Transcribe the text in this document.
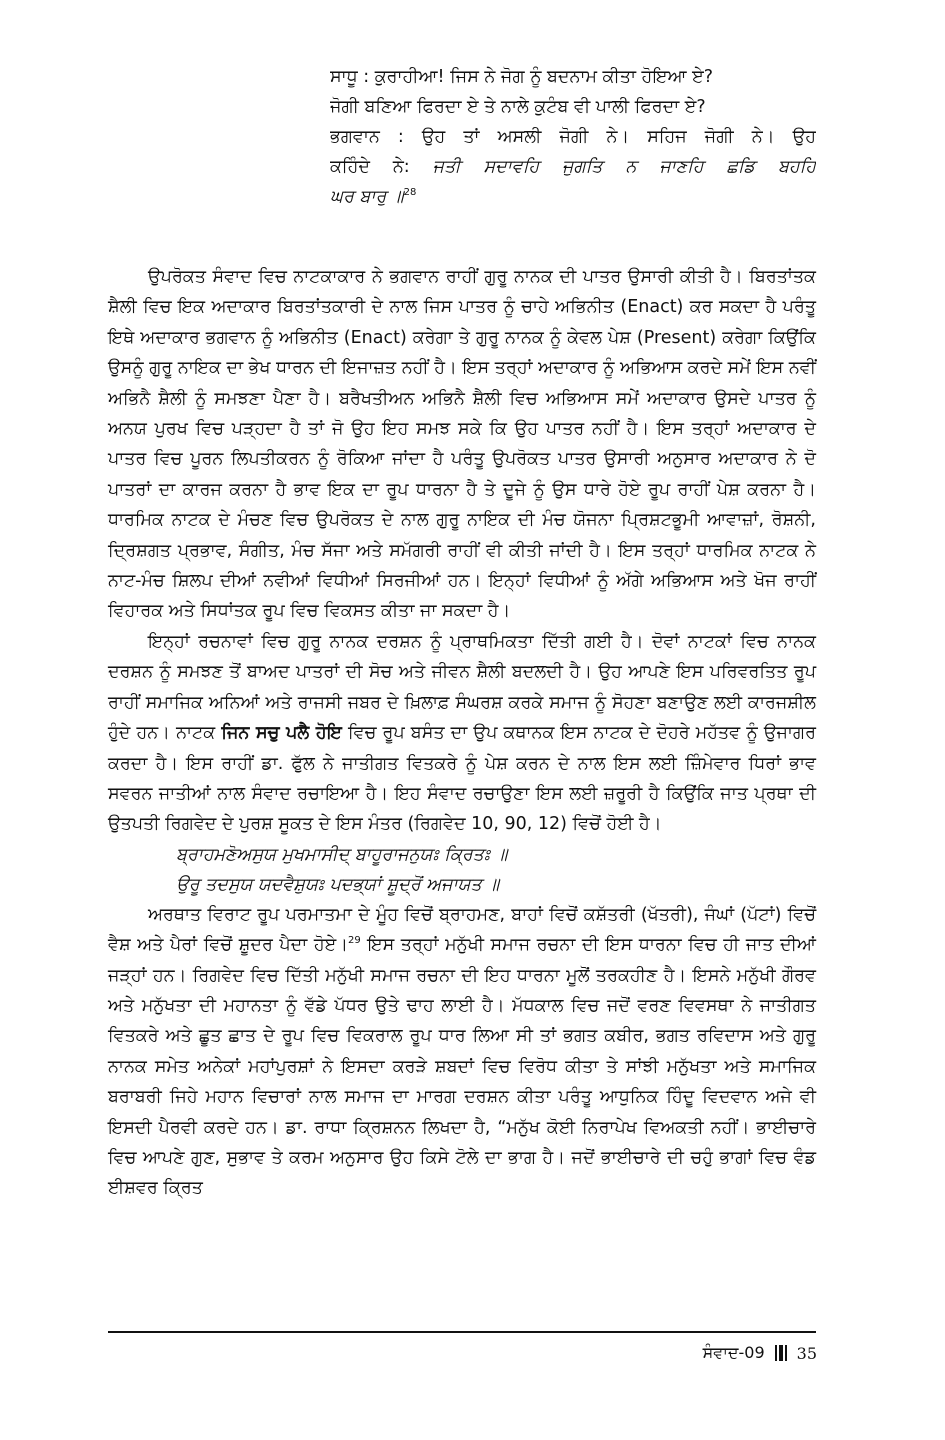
ਸਾਧੂ : ਕੁਰਾਹੀਆ! ਜਿਸ ਨੇ ਜੋਗ ਨੂੰ ਬਦਨਾਮ ਕੀਤਾ ਹੋਇਆ ਏ?
ਜੋਗੀ ਬਣਿਆ ਫਿਰਦਾ ਏ ਤੇ ਨਾਲੇ ਕੁਟੰਬ ਵੀ ਪਾਲੀ ਫਿਰਦਾ ਏ?
ਭਗਵਾਨ : ਉਹ ਤਾਂ ਅਸਲੀ ਜੋਗੀ ਨੇ। ਸਹਿਜ ਜੋਗੀ ਨੇ। ਉਹ
ਕਹਿੰਦੇ ਨੇ: ਜਤੀ ਸਦਾਵਹਿ ਜੁਗਤਿ ਨ ਜਾਣਹਿ ਛਡਿ ਬਹਹਿ
ਘਰ ਬਾਰੁ ॥$^{28}$

ਉਪਰੋਕਤ ਸੰਵਾਦ ਵਿਚ ਨਾਟਕਾਕਾਰ ਨੇ ਭਗਵਾਨ ਰਾਹੀਂ ਗੁਰੂ ਨਾਨਕ ਦੀ ਪਾਤਰ ਉਸਾਰੀ ਕੀਤੀ ਹੈ। ਬਿਰਤਾਂਤਕ ਸ਼ੈਲੀ ਵਿਚ ਇਕ ਅਦਾਕਾਰ ਬਿਰਤਾਂਤਕਾਰੀ ਦੇ ਨਾਲ ਜਿਸ ਪਾਤਰ ਨੂੰ ਚਾਹੇ ਅਭਿਨੀਤ (Enact) ਕਰ ਸਕਦਾ ਹੈ ਪਰੰਤੂ ਇਥੇ ਅਦਾਕਾਰ ਭਗਵਾਨ ਨੂੰ ਅਭਿਨੀਤ (Enact) ਕਰੇਗਾ ਤੇ ਗੁਰੂ ਨਾਨਕ ਨੂੰ ਕੇਵਲ ਪੇਸ਼ (Present) ਕਰੇਗਾ ਕਿਉਂਕਿ ਉਸਨੂੰ ਗੁਰੂ ਨਾਇਕ ਦਾ ਭੇਖ ਧਾਰਨ ਦੀ ਇਜਾਜ਼ਤ ਨਹੀਂ ਹੈ। ਇਸ ਤਰ੍ਹਾਂ ਅਦਾਕਾਰ ਨੂੰ ਅਭਿਆਸ ਕਰਦੇ ਸਮੇਂ ਇਸ ਨਵੀਂ ਅਭਿਨੈ ਸ਼ੈਲੀ ਨੂੰ ਸਮਝਣਾ ਪੈਣਾ ਹੈ। ਬਰੈਖਤੀਅਨ ਅਭਿਨੈ ਸ਼ੈਲੀ ਵਿਚ ਅਭਿਆਸ ਸਮੇਂ ਅਦਾਕਾਰ ਉਸਦੇ ਪਾਤਰ ਨੂੰ ਅਨਯ ਪੁਰਖ ਵਿਚ ਪੜ੍ਹਦਾ ਹੈ ਤਾਂ ਜੋ ਉਹ ਇਹ ਸਮਝ ਸਕੇ ਕਿ ਉਹ ਪਾਤਰ ਨਹੀਂ ਹੈ। ਇਸ ਤਰ੍ਹਾਂ ਅਦਾਕਾਰ ਦੇ ਪਾਤਰ ਵਿਚ ਪੂਰਨ ਲਿਪਤੀਕਰਨ ਨੂੰ ਰੋਕਿਆ ਜਾਂਦਾ ਹੈ ਪਰੰਤੂ ਉਪਰੋਕਤ ਪਾਤਰ ਉਸਾਰੀ ਅਨੁਸਾਰ ਅਦਾਕਾਰ ਨੇ ਦੋ ਪਾਤਰਾਂ ਦਾ ਕਾਰਜ ਕਰਨਾ ਹੈ ਭਾਵ ਇਕ ਦਾ ਰੂਪ ਧਾਰਨਾ ਹੈ ਤੇ ਦੂਜੇ ਨੂੰ ਉਸ ਧਾਰੇ ਹੋਏ ਰੂਪ ਰਾਹੀਂ ਪੇਸ਼ ਕਰਨਾ ਹੈ। ਧਾਰਮਿਕ ਨਾਟਕ ਦੇ ਮੰਚਣ ਵਿਚ ਉਪਰੋਕਤ ਦੇ ਨਾਲ ਗੁਰੂ ਨਾਇਕ ਦੀ ਮੰਚ ਯੋਜਨਾ ਪ੍ਰਿਸ਼ਟਭੂਮੀ ਆਵਾਜ਼ਾਂ, ਰੋਸ਼ਨੀ, ਦ੍ਰਿਸ਼ਗਤ ਪ੍ਰਭਾਵ, ਸੰਗੀਤ, ਮੰਚ ਸੱਜਾ ਅਤੇ ਸਮੱਗਰੀ ਰਾਹੀਂ ਵੀ ਕੀਤੀ ਜਾਂਦੀ ਹੈ। ਇਸ ਤਰ੍ਹਾਂ ਧਾਰਮਿਕ ਨਾਟਕ ਨੇ ਨਾਟ-ਮੰਚ ਸ਼ਿਲਪ ਦੀਆਂ ਨਵੀਆਂ ਵਿਧੀਆਂ ਸਿਰਜੀਆਂ ਹਨ। ਇਨ੍ਹਾਂ ਵਿਧੀਆਂ ਨੂੰ ਅੱਗੇ ਅਭਿਆਸ ਅਤੇ ਖੋਜ ਰਾਹੀਂ ਵਿਹਾਰਕ ਅਤੇ ਸਿਧਾਂਤਕ ਰੂਪ ਵਿਚ ਵਿਕਸਤ ਕੀਤਾ ਜਾ ਸਕਦਾ ਹੈ।

ਇਨ੍ਹਾਂ ਰਚਨਾਵਾਂ ਵਿਚ ਗੁਰੂ ਨਾਨਕ ਦਰਸ਼ਨ ਨੂੰ ਪ੍ਰਾਥਮਿਕਤਾ ਦਿੱਤੀ ਗਈ ਹੈ। ਦੋਵਾਂ ਨਾਟਕਾਂ ਵਿਚ ਨਾਨਕ ਦਰਸ਼ਨ ਨੂੰ ਸਮਝਣ ਤੋਂ ਬਾਅਦ ਪਾਤਰਾਂ ਦੀ ਸੋਚ ਅਤੇ ਜੀਵਨ ਸ਼ੈਲੀ ਬਦਲਦੀ ਹੈ। ਉਹ ਆਪਣੇ ਇਸ ਪਰਿਵਰਤਿਤ ਰੂਪ ਰਾਹੀਂ ਸਮਾਜਿਕ ਅਨਿਆਂ ਅਤੇ ਰਾਜਸੀ ਜਬਰ ਦੇ ਖ਼ਿਲਾਫ਼ ਸੰਘਰਸ਼ ਕਰਕੇ ਸਮਾਜ ਨੂੰ ਸੋਹਣਾ ਬਣਾਉਣ ਲਈ ਕਾਰਜਸ਼ੀਲ ਹੁੰਦੇ ਹਨ। ਨਾਟਕ ਜਿਨ ਸਚੁ ਪਲੈ ਹੋਇ ਵਿਚ ਰੂਪ ਬਸੰਤ ਦਾ ਉਪ ਕਥਾਨਕ ਇਸ ਨਾਟਕ ਦੇ ਦੋਹਰੇ ਮਹੱਤਵ ਨੂੰ ਉਜਾਗਰ ਕਰਦਾ ਹੈ। ਇਸ ਰਾਹੀਂ ਡਾ. ਫੁੱਲ ਨੇ ਜਾਤੀਗਤ ਵਿਤਕਰੇ ਨੂੰ ਪੇਸ਼ ਕਰਨ ਦੇ ਨਾਲ ਇਸ ਲਈ ਜ਼ਿੰਮੇਵਾਰ ਧਿਰਾਂ ਭਾਵ ਸਵਰਨ ਜਾਤੀਆਂ ਨਾਲ ਸੰਵਾਦ ਰਚਾਇਆ ਹੈ। ਇਹ ਸੰਵਾਦ ਰਚਾਉਣਾ ਇਸ ਲਈ ਜ਼ਰੂਰੀ ਹੈ ਕਿਉਂਕਿ ਜਾਤ ਪ੍ਰਥਾ ਦੀ ਉਤਪਤੀ ਰਿਗਵੇਦ ਦੇ ਪੁਰਸ਼ ਸੂਕਤ ਦੇ ਇਸ ਮੰਤਰ (ਰਿਗਵੇਦ 10, 90, 12) ਵਿਚੋਂ ਹੋਈ ਹੈ।

ਬ੍ਰਾਹਮਣੋਅਸੁਯ ਮੁਖਮਾਸੀਦ੍ ਬਾਹੂਰਾਜਨੁਯਃ ਕ੍ਰਿਤਃ ॥
ਉਰੂ ਤਦਸੁਯ ਯਦਵੈਸ਼ੁਯਃ ਪਦਭ੍ਯਾਂ ਸ਼ੂਦ੍ਰੋਂ ਅਜਾਯਤ ॥

ਅਰਥਾਤ ਵਿਰਾਟ ਰੂਪ ਪਰਮਾਤਮਾ ਦੇ ਮੂੰਹ ਵਿਚੋਂ ਬ੍ਰਾਹਮਣ, ਬਾਹਾਂ ਵਿਚੋਂ ਕਸ਼ੱਤਰੀ (ਖੱਤਰੀ), ਜੰਘਾਂ (ਪੱਟਾਂ) ਵਿਚੋਂ ਵੈਸ਼ ਅਤੇ ਪੈਰਾਂ ਵਿਚੋਂ ਸ਼ੂਦਰ ਪੈਦਾ ਹੋਏ।$^{29}$ ਇਸ ਤਰ੍ਹਾਂ ਮਨੁੱਖੀ ਸਮਾਜ ਰਚਨਾ ਦੀ ਇਸ ਧਾਰਨਾ ਵਿਚ ਹੀ ਜਾਤ ਦੀਆਂ ਜੜ੍ਹਾਂ ਹਨ। ਰਿਗਵੇਦ ਵਿਚ ਦਿੱਤੀ ਮਨੁੱਖੀ ਸਮਾਜ ਰਚਨਾ ਦੀ ਇਹ ਧਾਰਨਾ ਮੂਲੋਂ ਤਰਕਹੀਣ ਹੈ। ਇਸਨੇ ਮਨੁੱਖੀ ਗੌਰਵ ਅਤੇ ਮਨੁੱਖਤਾ ਦੀ ਮਹਾਨਤਾ ਨੂੰ ਵੱਡੇ ਪੱਧਰ ਉਤੇ ਢਾਹ ਲਾਈ ਹੈ। ਮੱਧਕਾਲ ਵਿਚ ਜਦੋਂ ਵਰਣ ਵਿਵਸਥਾ ਨੇ ਜਾਤੀਗਤ ਵਿਤਕਰੇ ਅਤੇ ਛੂਤ ਛਾਤ ਦੇ ਰੂਪ ਵਿਚ ਵਿਕਰਾਲ ਰੂਪ ਧਾਰ ਲਿਆ ਸੀ ਤਾਂ ਭਗਤ ਕਬੀਰ, ਭਗਤ ਰਵਿਦਾਸ ਅਤੇ ਗੁਰੂ ਨਾਨਕ ਸਮੇਤ ਅਨੇਕਾਂ ਮਹਾਂਪੁਰਸ਼ਾਂ ਨੇ ਇਸਦਾ ਕਰੜੇ ਸ਼ਬਦਾਂ ਵਿਚ ਵਿਰੋਧ ਕੀਤਾ ਤੇ ਸਾਂਝੀ ਮਨੁੱਖਤਾ ਅਤੇ ਸਮਾਜਿਕ ਬਰਾਬਰੀ ਜਿਹੇ ਮਹਾਨ ਵਿਚਾਰਾਂ ਨਾਲ ਸਮਾਜ ਦਾ ਮਾਰਗ ਦਰਸ਼ਨ ਕੀਤਾ ਪਰੰਤੂ ਆਧੁਨਿਕ ਹਿੰਦੂ ਵਿਦਵਾਨ ਅਜੇ ਵੀ ਇਸਦੀ ਪੈਰਵੀ ਕਰਦੇ ਹਨ। ਡਾ. ਰਾਧਾ ਕ੍ਰਿਸ਼ਨਨ ਲਿਖਦਾ ਹੈ, “ਮਨੁੱਖ ਕੋਈ ਨਿਰਾਪੇਖ ਵਿਅਕਤੀ ਨਹੀਂ। ਭਾਈਚਾਰੇ ਵਿਚ ਆਪਣੇ ਗੁਣ, ਸੁਭਾਵ ਤੇ ਕਰਮ ਅਨੁਸਾਰ ਉਹ ਕਿਸੇ ਟੋਲੇ ਦਾ ਭਾਗ ਹੈ। ਜਦੋਂ ਭਾਈਚਾਰੇ ਦੀ ਚਹੁੰ ਭਾਗਾਂ ਵਿਚ ਵੰਡ ਈਸ਼ਵਰ ਕ੍ਰਿਤ

ਸੰਵਾਦ-09 35
